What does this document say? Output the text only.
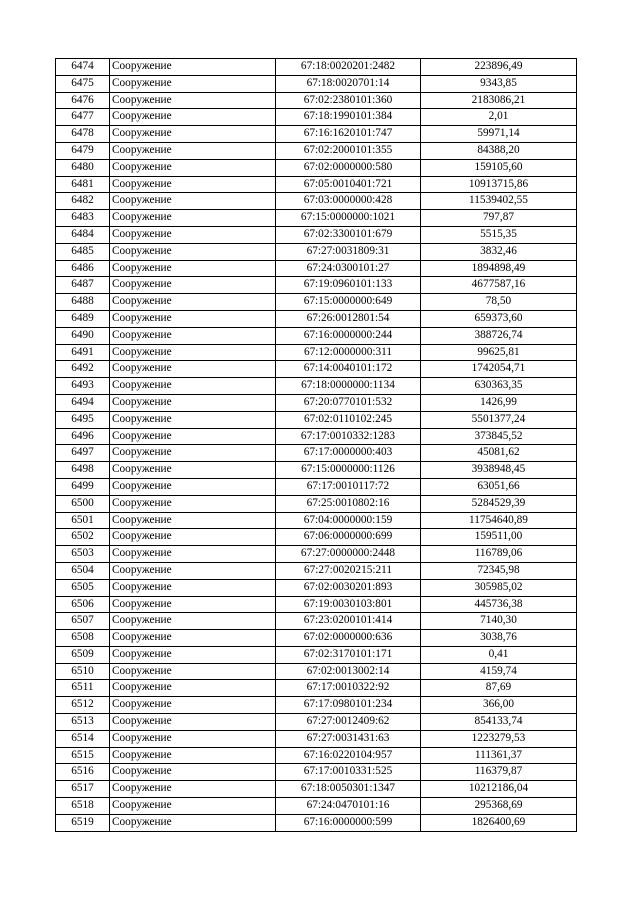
6474	Сооружение	67:18:0020201:2482	223896,49
6475	Сооружение	67:18:0020701:14	9343,85
6476	Сооружение	67:02:2380101:360	2183086,21
6477	Сооружение	67:18:1990101:384	2,01
6478	Сооружение	67:16:1620101:747	59971,14
6479	Сооружение	67:02:2000101:355	84388,20
6480	Сооружение	67:02:0000000:580	159105,60
6481	Сооружение	67:05:0010401:721	10913715,86
6482	Сооружение	67:03:0000000:428	11539402,55
6483	Сооружение	67:15:0000000:1021	797,87
6484	Сооружение	67:02:3300101:679	5515,35
6485	Сооружение	67:27:0031809:31	3832,46
6486	Сооружение	67:24:0300101:27	1894898,49
6487	Сооружение	67:19:0960101:133	4677587,16
6488	Сооружение	67:15:0000000:649	78,50
6489	Сооружение	67:26:0012801:54	659373,60
6490	Сооружение	67:16:0000000:244	388726,74
6491	Сооружение	67:12:0000000:311	99625,81
6492	Сооружение	67:14:0040101:172	1742054,71
6493	Сооружение	67:18:0000000:1134	630363,35
6494	Сооружение	67:20:0770101:532	1426,99
6495	Сооружение	67:02:0110102:245	5501377,24
6496	Сооружение	67:17:0010332:1283	373845,52
6497	Сооружение	67:17:0000000:403	45081,62
6498	Сооружение	67:15:0000000:1126	3938948,45
6499	Сооружение	67:17:0010117:72	63051,66
6500	Сооружение	67:25:0010802:16	5284529,39
6501	Сооружение	67:04:0000000:159	11754640,89
6502	Сооружение	67:06:0000000:699	159511,00
6503	Сооружение	67:27:0000000:2448	116789,06
6504	Сооружение	67:27:0020215:211	72345,98
6505	Сооружение	67:02:0030201:893	305985,02
6506	Сооружение	67:19:0030103:801	445736,38
6507	Сооружение	67:23:0200101:414	7140,30
6508	Сооружение	67:02:0000000:636	3038,76
6509	Сооружение	67:02:3170101:171	0,41
6510	Сооружение	67:02:0013002:14	4159,74
6511	Сооружение	67:17:0010322:92	87,69
6512	Сооружение	67:17:0980101:234	366,00
6513	Сооружение	67:27:0012409:62	854133,74
6514	Сооружение	67:27:0031431:63	1223279,53
6515	Сооружение	67:16:0220104:957	111361,37
6516	Сооружение	67:17:0010331:525	116379,87
6517	Сооружение	67:18:0050301:1347	10212186,04
6518	Сооружение	67:24:0470101:16	295368,69
6519	Сооружение	67:16:0000000:599	1826400,69
